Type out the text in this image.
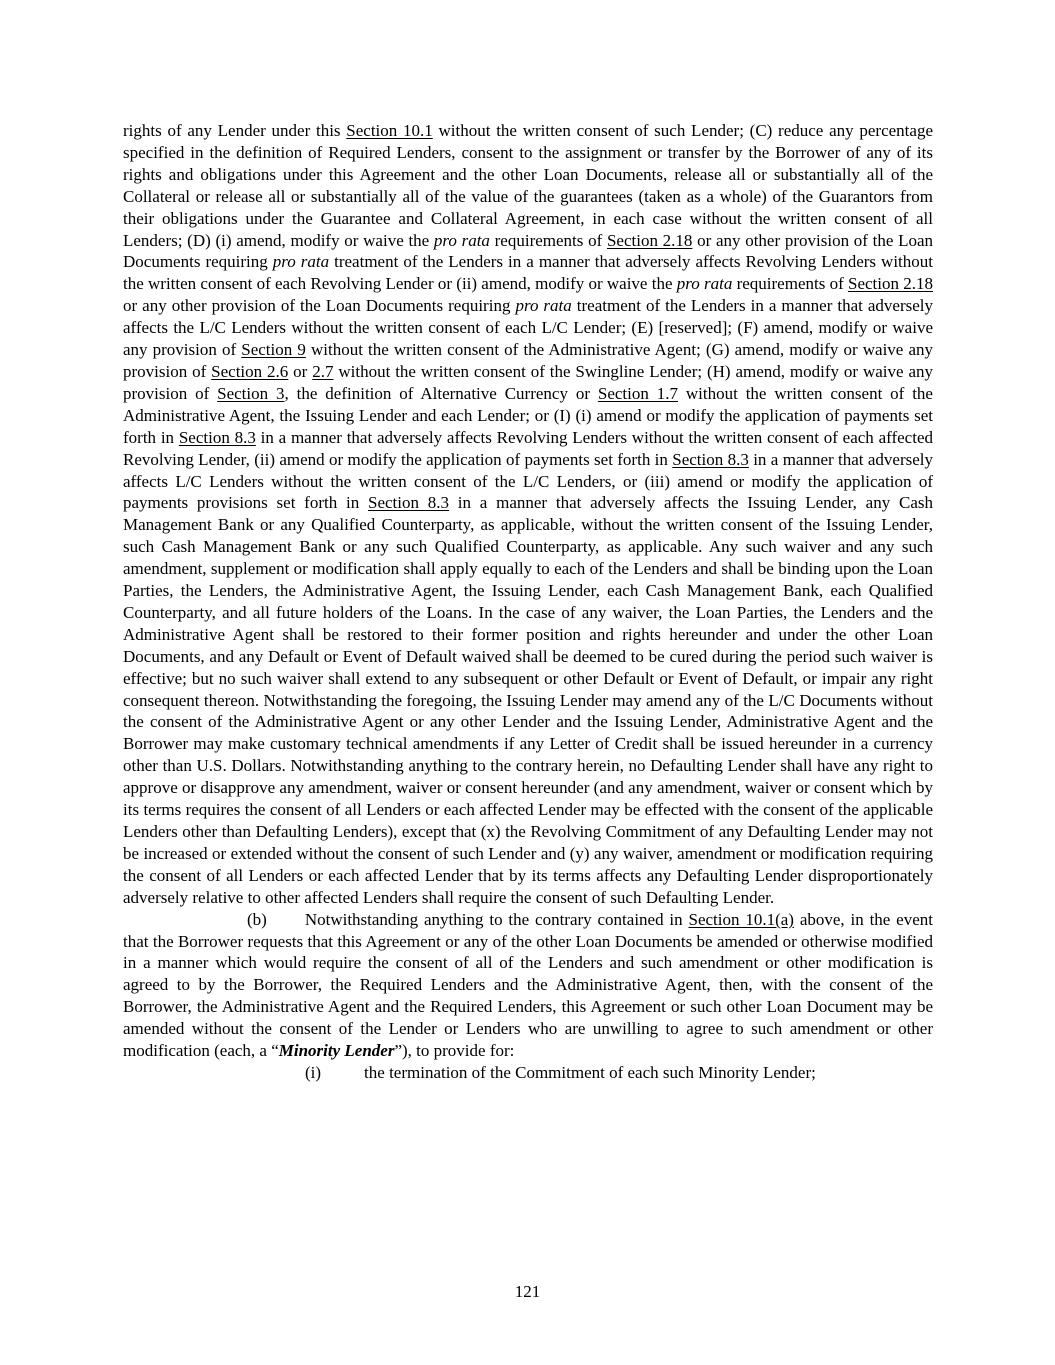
rights of any Lender under this Section 10.1 without the written consent of such Lender; (C) reduce any percentage specified in the definition of Required Lenders, consent to the assignment or transfer by the Borrower of any of its rights and obligations under this Agreement and the other Loan Documents, release all or substantially all of the Collateral or release all or substantially all of the value of the guarantees (taken as a whole) of the Guarantors from their obligations under the Guarantee and Collateral Agreement, in each case without the written consent of all Lenders; (D) (i) amend, modify or waive the pro rata requirements of Section 2.18 or any other provision of the Loan Documents requiring pro rata treatment of the Lenders in a manner that adversely affects Revolving Lenders without the written consent of each Revolving Lender or (ii) amend, modify or waive the pro rata requirements of Section 2.18 or any other provision of the Loan Documents requiring pro rata treatment of the Lenders in a manner that adversely affects the L/C Lenders without the written consent of each L/C Lender; (E) [reserved]; (F) amend, modify or waive any provision of Section 9 without the written consent of the Administrative Agent; (G) amend, modify or waive any provision of Section 2.6 or 2.7 without the written consent of the Swingline Lender; (H) amend, modify or waive any provision of Section 3, the definition of Alternative Currency or Section 1.7 without the written consent of the Administrative Agent, the Issuing Lender and each Lender; or (I) (i) amend or modify the application of payments set forth in Section 8.3 in a manner that adversely affects Revolving Lenders without the written consent of each affected Revolving Lender, (ii) amend or modify the application of payments set forth in Section 8.3 in a manner that adversely affects L/C Lenders without the written consent of the L/C Lenders, or (iii) amend or modify the application of payments provisions set forth in Section 8.3 in a manner that adversely affects the Issuing Lender, any Cash Management Bank or any Qualified Counterparty, as applicable, without the written consent of the Issuing Lender, such Cash Management Bank or any such Qualified Counterparty, as applicable. Any such waiver and any such amendment, supplement or modification shall apply equally to each of the Lenders and shall be binding upon the Loan Parties, the Lenders, the Administrative Agent, the Issuing Lender, each Cash Management Bank, each Qualified Counterparty, and all future holders of the Loans. In the case of any waiver, the Loan Parties, the Lenders and the Administrative Agent shall be restored to their former position and rights hereunder and under the other Loan Documents, and any Default or Event of Default waived shall be deemed to be cured during the period such waiver is effective; but no such waiver shall extend to any subsequent or other Default or Event of Default, or impair any right consequent thereon. Notwithstanding the foregoing, the Issuing Lender may amend any of the L/C Documents without the consent of the Administrative Agent or any other Lender and the Issuing Lender, Administrative Agent and the Borrower may make customary technical amendments if any Letter of Credit shall be issued hereunder in a currency other than U.S. Dollars. Notwithstanding anything to the contrary herein, no Defaulting Lender shall have any right to approve or disapprove any amendment, waiver or consent hereunder (and any amendment, waiver or consent which by its terms requires the consent of all Lenders or each affected Lender may be effected with the consent of the applicable Lenders other than Defaulting Lenders), except that (x) the Revolving Commitment of any Defaulting Lender may not be increased or extended without the consent of such Lender and (y) any waiver, amendment or modification requiring the consent of all Lenders or each affected Lender that by its terms affects any Defaulting Lender disproportionately adversely relative to other affected Lenders shall require the consent of such Defaulting Lender.

(b) Notwithstanding anything to the contrary contained in Section 10.1(a) above, in the event that the Borrower requests that this Agreement or any of the other Loan Documents be amended or otherwise modified in a manner which would require the consent of all of the Lenders and such amendment or other modification is agreed to by the Borrower, the Required Lenders and the Administrative Agent, then, with the consent of the Borrower, the Administrative Agent and the Required Lenders, this Agreement or such other Loan Document may be amended without the consent of the Lender or Lenders who are unwilling to agree to such amendment or other modification (each, a “Minority Lender”), to provide for:

(i)	the termination of the Commitment of each such Minority Lender;

121
